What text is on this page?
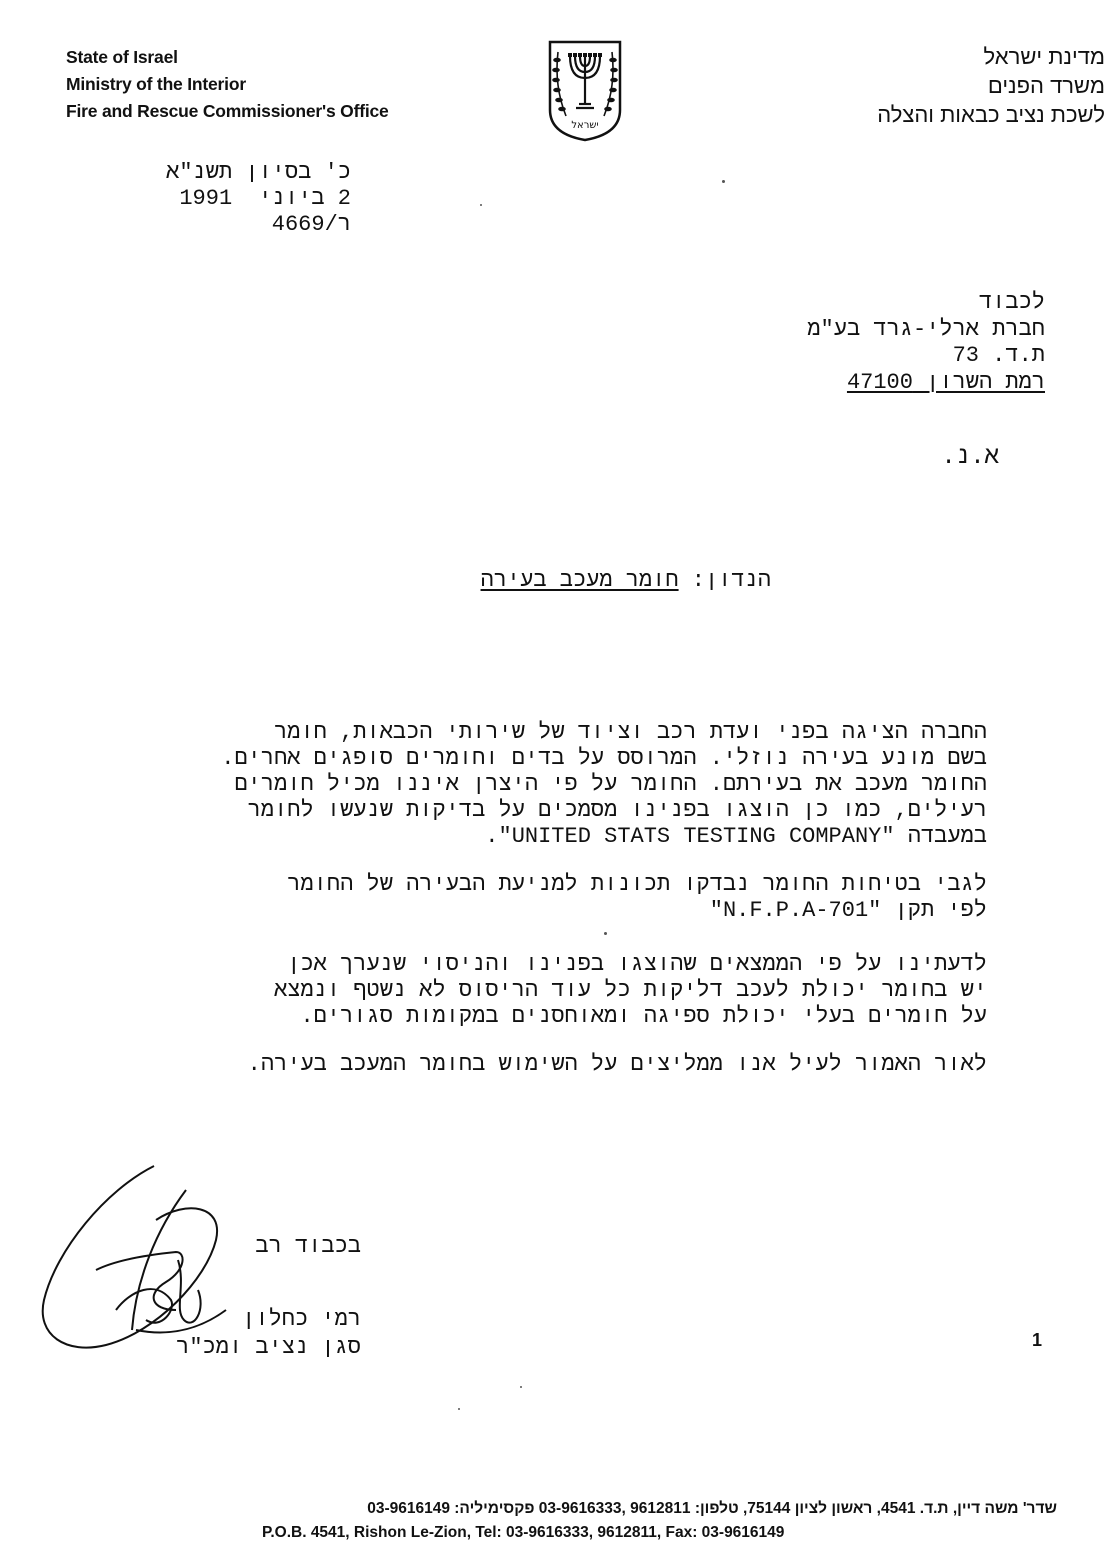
State of Israel
Ministry of the Interior
Fire and Rescue Commissioner's Office
ישראל
מדינת ישראל
משרד הפנים
לשכת נציב כבאות והצלה
כ' בסיון תשנ"א
2 ביוני  1991
ר/4669
לכבוד
חברת ארלי-גרד בע"מ
ת.ד. 73
רמת השרון 47100
א.נ.
הנדון: חומר מעכב בעירה
החברה הציגה בפני ועדת רכב וציוד של שירותי הכבאות, חומר
בשם מונע בעירה נוזלי. המרוסס על בדים וחומרים סופגים אחרים.
החומר מעכב את בעירתם. החומר על פי היצרן איננו מכיל חומרים
רעילים, כמו כן הוצגו בפנינו מסמכים על בדיקות שנעשו לחומר
במעבדה "UNITED STATS TESTING COMPANY".
לגבי בטיחות החומר נבדקו תכונות למניעת הבעירה של החומר
לפי תקן "N.F.P.A-701"
לדעתינו על פי הממצאים שהוצגו בפנינו והניסוי שנערך אכן
יש בחומר יכולת לעכב דליקות כל עוד הריסוס לא נשטף ונמצא
על חומרים בעלי יכולת ספיגה ומאוחסנים במקומות סגורים.
לאור האמור לעיל אנו ממליצים על השימוש בחומר המעכב בעירה.
בכבוד רב
רמי כחלון
סגן נציב ומכ"ר	1
שדר' משה דיין, ת.ד. 4541, ראשון לציון 75144, טלפון: 9612811 ,03-9616333 פקסימיליה: 03-9616149
P.O.B. 4541, Rishon Le-Zion, Tel: 03-9616333, 9612811, Fax: 03-9616149
